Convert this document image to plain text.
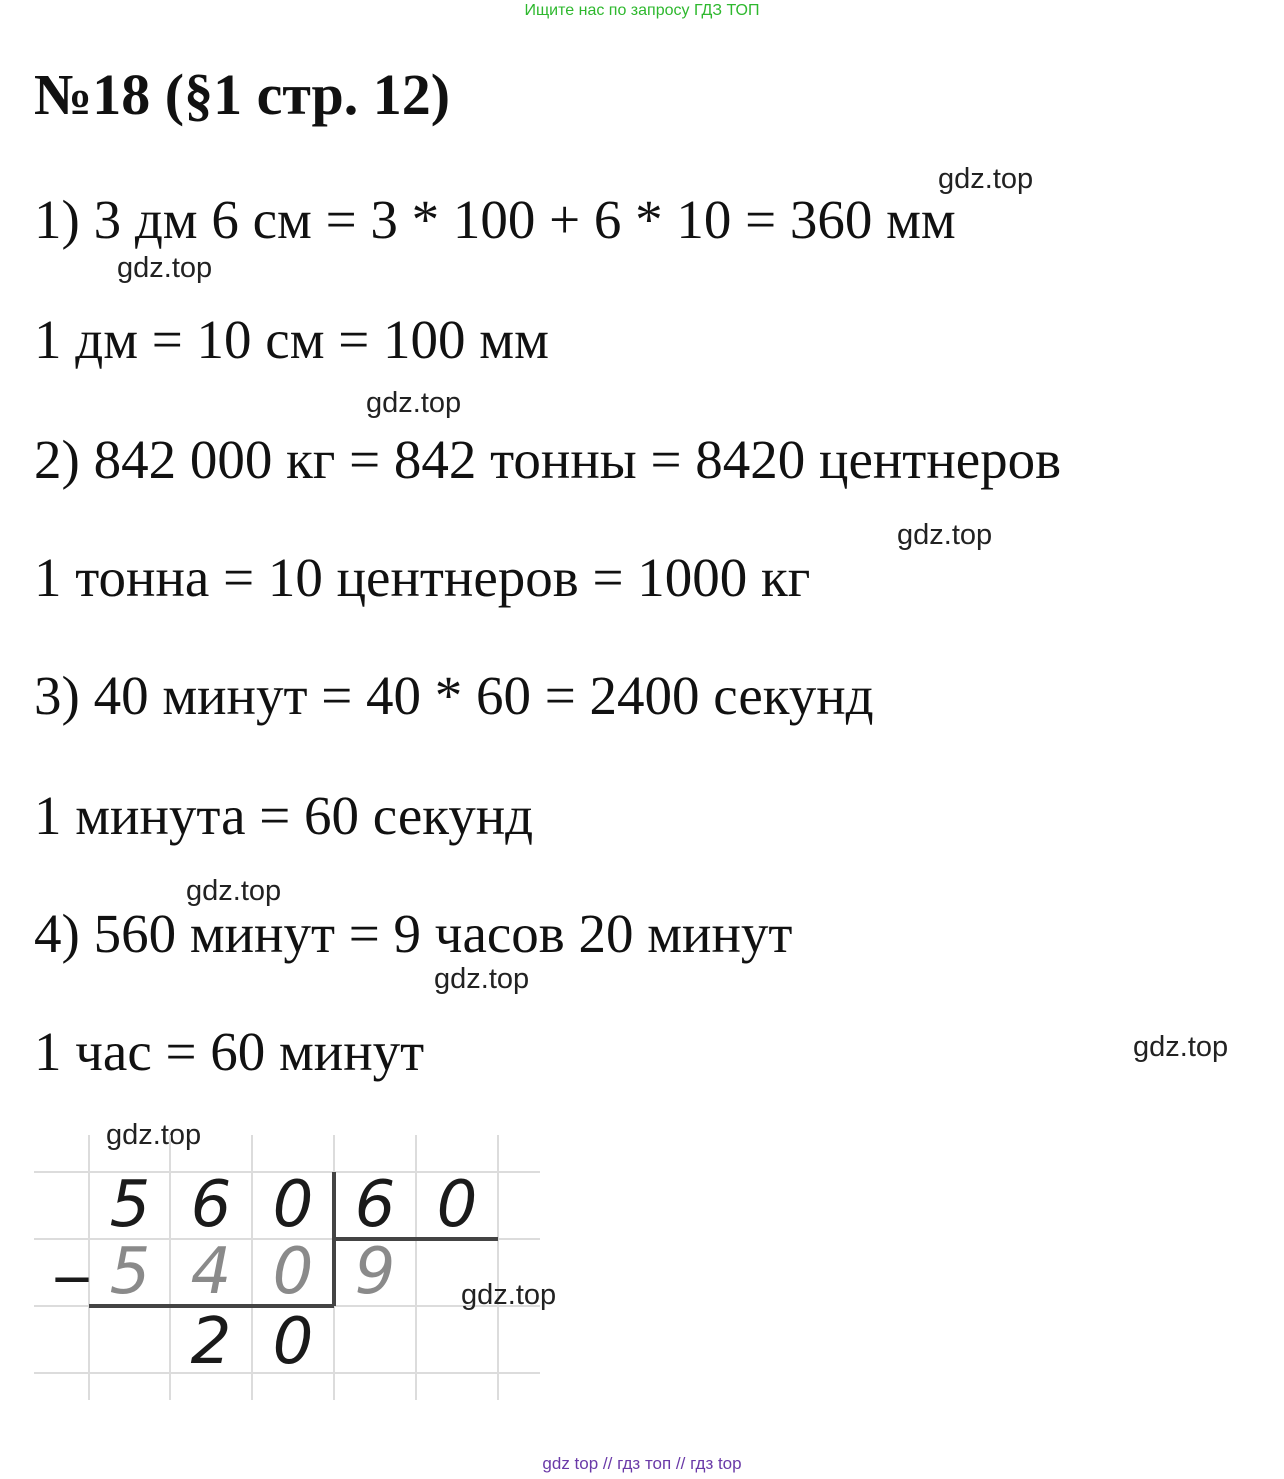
Ищите нас по запросу ГДЗ ТОП
№18 (§1 стр. 12)

1) 3 дм 6 см = 3 * 100 + 6 * 10 = 360 мм

1 дм = 10 см = 100 мм

2) 842 000 кг = 842 тонны = 8420 центнеров

1 тонна = 10 центнеров = 1000 кг

3) 40 минут = 40 * 60 = 2400 секунд

1 минута = 60 секунд

4) 560 минут = 9 часов 20 минут

1 час = 60 минут

gdz.top
gdz.top
gdz.top
gdz.top
gdz.top
gdz.top
gdz.top
gdz.top
_
5 6 0 6 0
5 4 0 9
2 0
gdz.top
gdz top // гдз топ // гдз top
